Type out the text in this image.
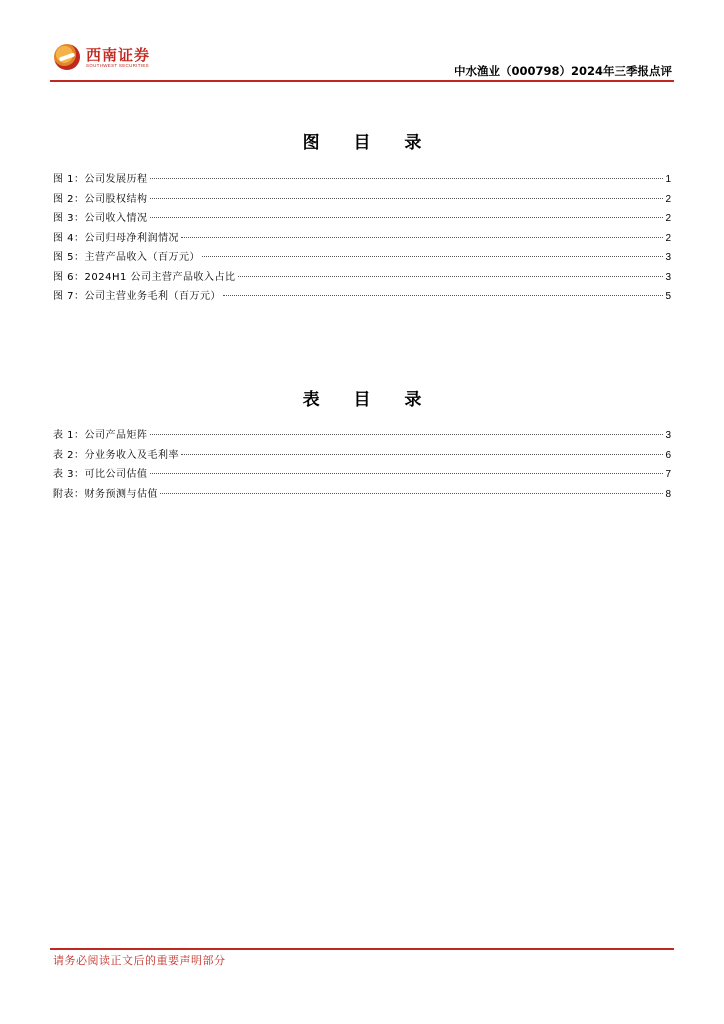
西南证券
SOUTHWEST SECURITIES	中水渔业（000798）2024年三季报点评
图 目 录
图 1：公司发展历程	1
图 2：公司股权结构	2
图 3：公司收入情况	2
图 4：公司归母净利润情况	2
图 5：主营产品收入（百万元）	3
图 6：2024H1 公司主营产品收入占比	3
图 7：公司主营业务毛利（百万元）	5
表 目 录
表 1：公司产品矩阵	3
表 2：分业务收入及毛利率	6
表 3：可比公司估值	7
附表：财务预测与估值	8
请务必阅读正文后的重要声明部分
